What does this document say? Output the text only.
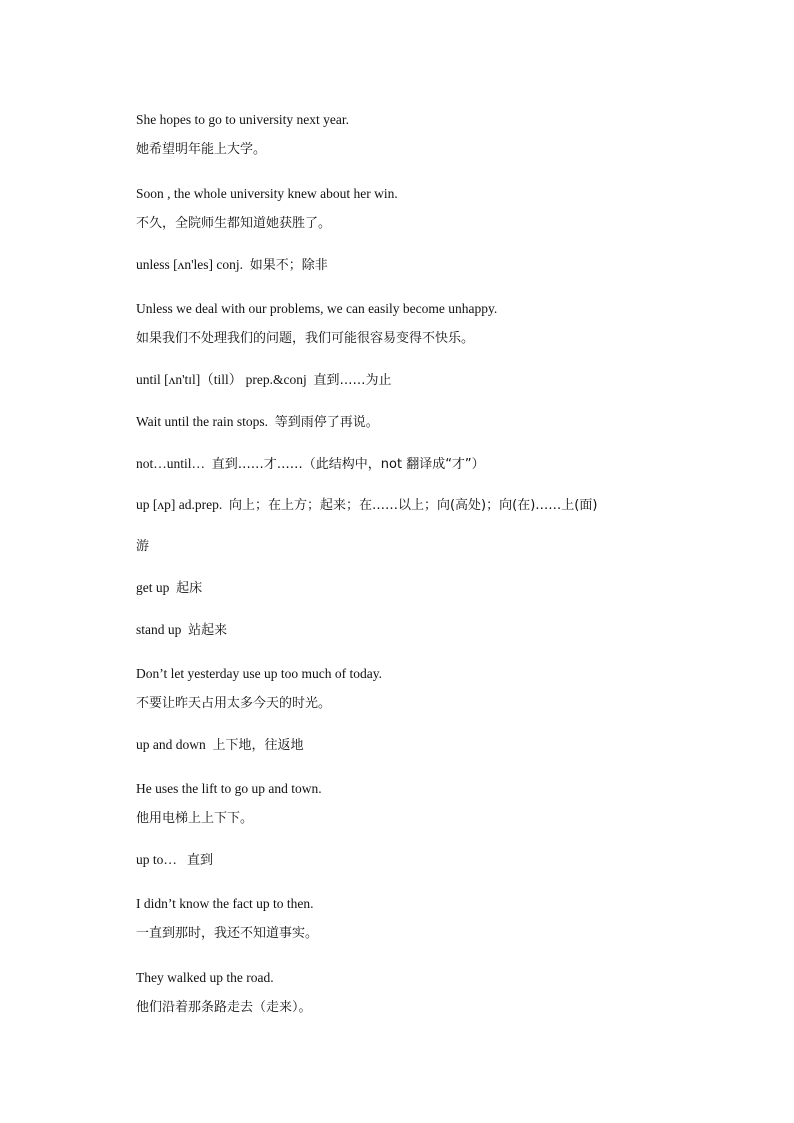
She hopes to go to university next year.
她希望明年能上大学。
Soon , the whole university knew about her win.
不久，全院师生都知道她获胜了。
unless [ʌn'les] conj. 如果不；除非
Unless we deal with our problems, we can easily become unhappy.
如果我们不处理我们的问题，我们可能很容易变得不快乐。
until [ʌn'tɪl]（till） prep.&conj 直到……为止
Wait until the rain stops. 等到雨停了再说。
not…until… 直到……才……（此结构中，not 翻译成“才”）
up [ʌp] ad.prep. 向上；在上方；起来；在……以上；向(高处)；向(在)……上(面)
游
get up 起床
stand up 站起来
Don’t let yesterday use up too much of today.
不要让昨天占用太多今天的时光。
up and down 上下地，往返地
He uses the lift to go up and town.
他用电梯上上下下。
up to… 直到
I didn’t know the fact up to then.
一直到那时，我还不知道事实。
They walked up the road.
他们沿着那条路走去（走来）。
